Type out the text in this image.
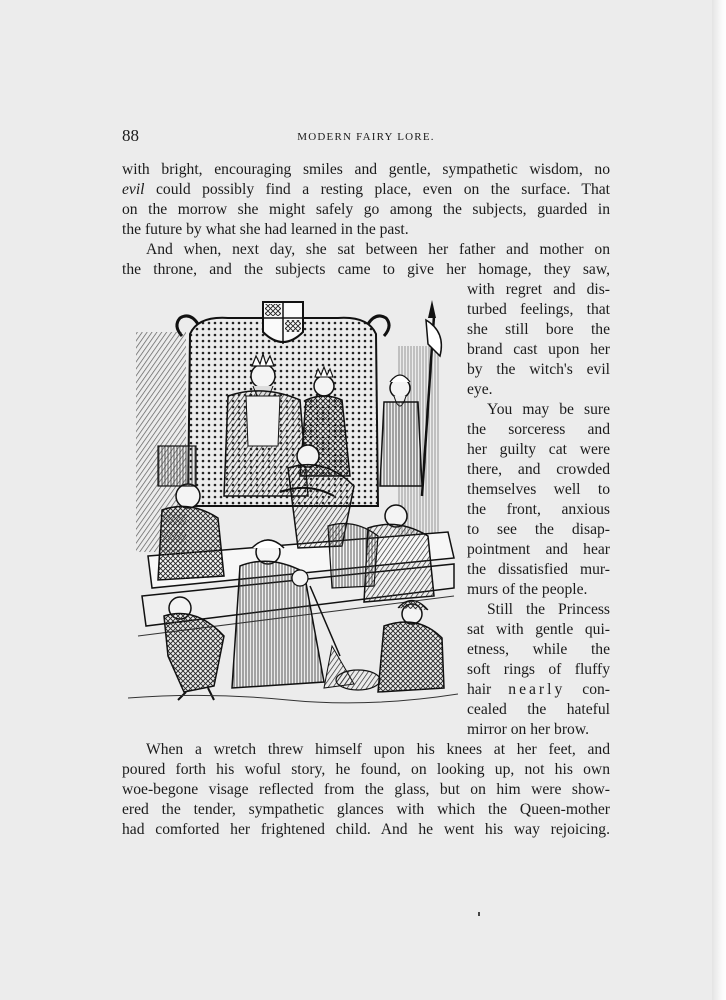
88	MODERN FAIRY LORE.
with bright, encouraging smiles and gentle, sympathetic wisdom, no
evil could possibly find a resting place, even on the surface. That
on the morrow she might safely go among the subjects, guarded in
the future by what she had learned in the past.
And when, next day, she sat between her father and mother on
the throne, and the subjects came to give her homage, they saw,
with regret and dis-
turbed feelings, that
she still bore the
brand cast upon her
by the witch's evil
eye.
You may be sure
the sorceress and
her guilty cat were
there, and crowded
themselves well to
the front, anxious
to see the disap-
pointment and hear
the dissatisfied mur-
murs of the people.
Still the Princess
sat with gentle qui-
etness, while the
soft rings of fluffy
hair nearly con-
cealed the hateful
mirror on her brow.
When a wretch threw himself upon his knees at her feet, and
poured forth his woful story, he found, on looking up, not his own
woe-begone visage reflected from the glass, but on him were show-
ered the tender, sympathetic glances with which the Queen-mother
had comforted her frightened child. And he went his way rejoicing.
